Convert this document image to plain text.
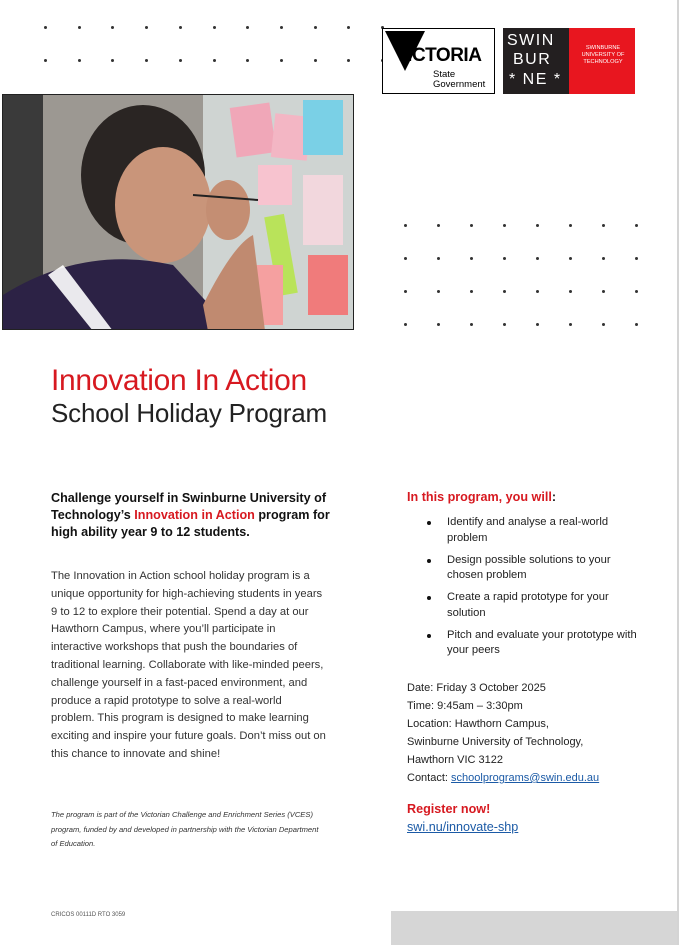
VICTORIA
State
Government
SWIN
BUR
* NE *
SWINBURNE UNIVERSITY OF TECHNOLOGY
Innovation In Action
School Holiday Program
Challenge yourself in Swinburne University of Technology’s Innovation in Action program for high ability year 9 to 12 students.
The Innovation in Action school holiday program is a unique opportunity for high-achieving students in years 9 to 12 to explore their potential. Spend a day at our Hawthorn Campus, where you’ll participate in interactive workshops that push the boundaries of traditional learning. Collaborate with like-minded peers, challenge yourself in a fast-paced environment, and produce a rapid prototype to solve a real-world problem. This program is designed to make learning exciting and inspire your future goals. Don’t miss out on this chance to innovate and shine!
The program is part of the Victorian Challenge and Enrichment Series (VCES) program, funded by and developed in partnership with the Victorian Department of Education.
CRICOS 00111D RTO 3059
In this program, you will:
Identify and analyse a real-world problem
Design possible solutions to your chosen problem
Create a rapid prototype for your solution
Pitch and evaluate your prototype with your peers
Date: Friday 3 October 2025
Time: 9:45am – 3:30pm
Location: Hawthorn Campus,
Swinburne University of Technology,
Hawthorn VIC 3122
Contact: schoolprograms@swin.edu.au
Register now!
swi.nu/innovate-shp
